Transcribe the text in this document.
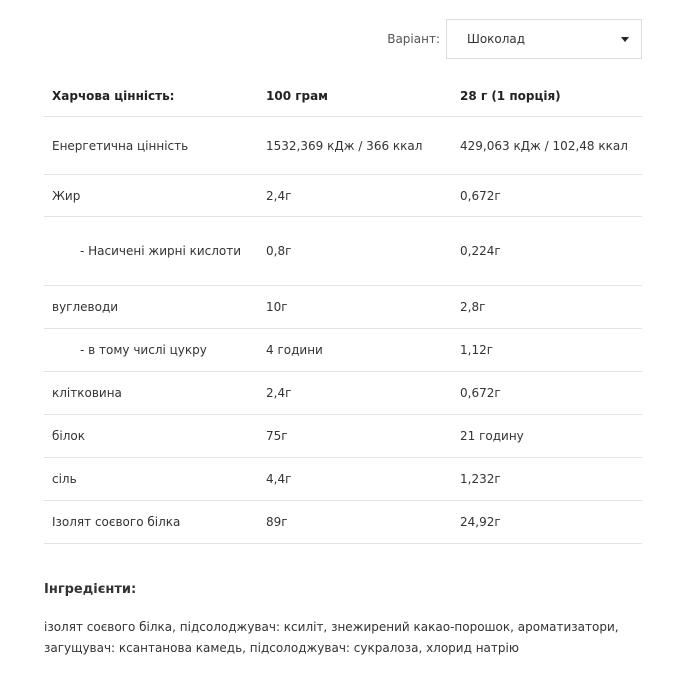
Варіант: Шоколад
Харчова цінність:	100 грам	28 г (1 порція)
Енергетична цінність	1532,369 кДж / 366 ккал	429,063 кДж / 102,48 ккал
Жир	2,4г	0,672г
- Насичені жирні кислоти	0,8г	0,224г
вуглеводи	10г	2,8г
- в тому числі цукру	4 години	1,12г
клітковина	2,4г	0,672г
білок	75г	21 годину
сіль	4,4г	1,232г
Ізолят соєвого білка	89г	24,92г
Інгредієнти:

ізолят соєвого білка, підсолоджувач: ксиліт, знежирений какао-порошок, ароматизатори, загущувач: ксантанова камедь, підсолоджувач: сукралоза, хлорид натрію
